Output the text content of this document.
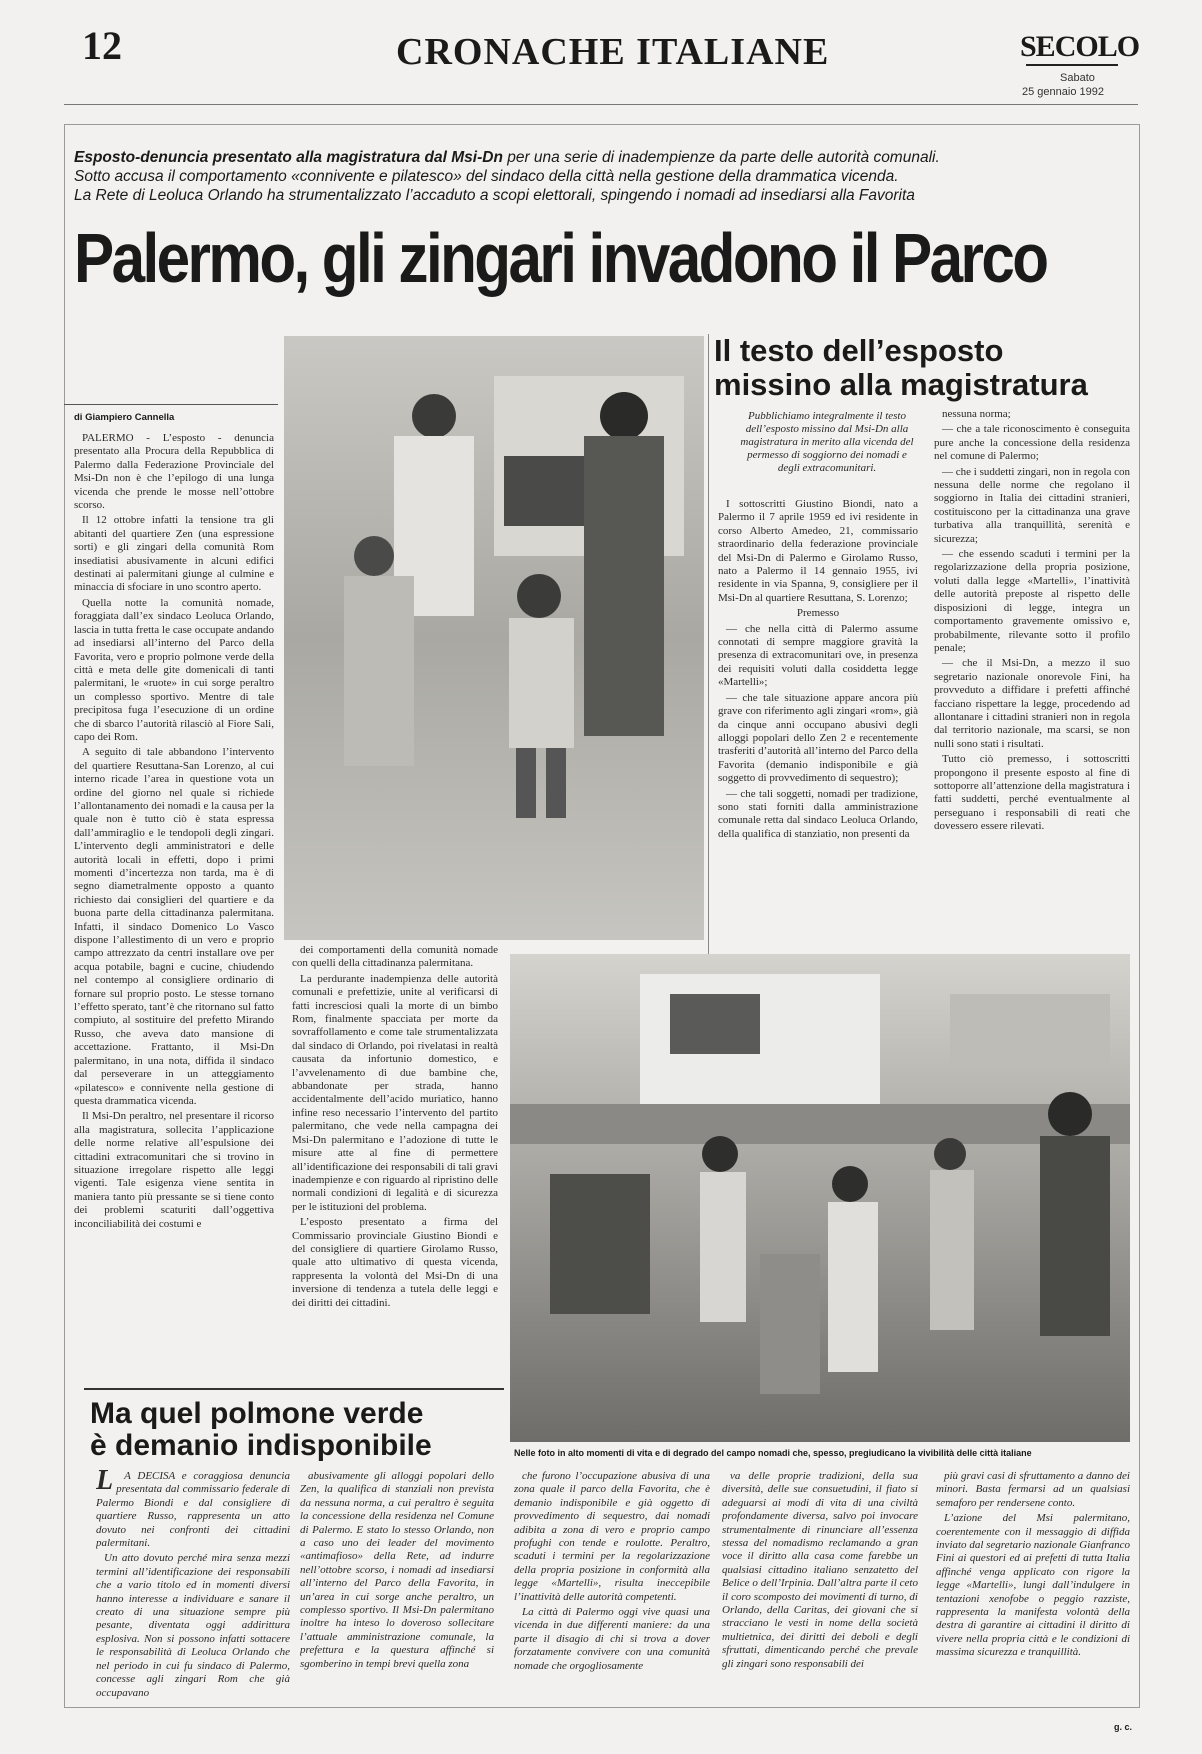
12	CRONACHE ITALIANE	SECOLO
Sabato
25 gennaio 1992
Esposto-denuncia presentato alla magistratura dal Msi-Dn per una serie di inadempienze da parte delle autorità comunali.
Sotto accusa il comportamento «connivente e pilatesco» del sindaco della città nella gestione della drammatica vicenda.
La Rete di Leoluca Orlando ha strumentalizzato l’accaduto a scopi elettorali, spingendo i nomadi ad insediarsi alla Favorita
Palermo, gli zingari invadono il Parco
di Giampiero Cannella

PALERMO - L’esposto - denuncia presentato alla Procura della Repubblica di Palermo dalla Federazione Provinciale del Msi-Dn non è che l’epilogo di una lunga vicenda che prende le mosse nell’ottobre scorso.

Il 12 ottobre infatti la tensione tra gli abitanti del quartiere Zen (una espressione sorti) e gli zingari della comunità Rom insediatisi abusivamente in alcuni edifici destinati ai palermitani giunge al culmine e minaccia di sfociare in uno scontro aperto.

Quella notte la comunità nomade, foraggiata dall’ex sindaco Leoluca Orlando, lascia in tutta fretta le case occupate andando ad insediarsi all’interno del Parco della Favorita, vero e proprio polmone verde della città e meta delle gite domenicali di tanti palermitani, le «ruote» in cui sorge peraltro un complesso sportivo. Mentre di tale precipitosa fuga l’esecuzione di un ordine che di sbarco l’autorità rilasciò al Fiore Sali, capo dei Rom.

A seguito di tale abbandono l’intervento del quartiere Resuttana-San Lorenzo, al cui interno ricade l’area in questione vota un ordine del giorno nel quale si richiede l’allontanamento dei nomadi e la causa per la quale non è tutto ciò è stata espressa dall’ammiraglio e le tendopoli degli zingari. L’intervento degli amministratori e delle autorità locali in effetti, dopo i primi momenti d’incertezza non tarda, ma è di segno diametralmente opposto a quanto richiesto dai consiglieri del quartiere e da buona parte della cittadinanza palermitana. Infatti, il sindaco Domenico Lo Vasco dispone l’allestimento di un vero e proprio campo attrezzato da centri installare ove per acqua potabile, bagni e cucine, chiudendo nel contempo al consigliere ordinario di fornare sul proprio posto. Le stesse tornano l’effetto sperato, tant’è che ritornano sul fatto compiuto, al sostituire del prefetto Mirando Russo, che aveva dato mansione di accettazione. Frattanto, il Msi-Dn palermitano, in una nota, diffida il sindaco dal perseverare in un atteggiamento «pilatesco» e connivente nella gestione di questa drammatica vicenda.

Il Msi-Dn peraltro, nel presentare il ricorso alla magistratura, sollecita l’applicazione delle norme relative all’espulsione dei cittadini extracomunitari che si trovino in situazione irregolare rispetto alle leggi vigenti. Tale esigenza viene sentita in maniera tanto più pressante se si tiene conto dei problemi scaturiti dall’oggettiva inconciliabilità dei costumi e

Il testo dell’esposto
missino alla magistratura
Pubblichiamo integralmente il testo dell’esposto missino dal Msi-Dn alla magistratura in merito alla vicenda del permesso di soggiorno dei nomadi e degli extracomunitari.

I sottoscritti Giustino Biondi, nato a Palermo il 7 aprile 1959 ed ivi residente in corso Alberto Amedeo, 21, commissario straordinario della federazione provinciale del Msi-Dn di Palermo e Girolamo Russo, nato a Palermo il 14 gennaio 1955, ivi residente in via Spanna, 9, consigliere per il Msi-Dn al quartiere Resuttana, S. Lorenzo;

Premesso

— che nella città di Palermo assume connotati di sempre maggiore gravità la presenza di extracomunitari ove, in presenza dei requisiti voluti dalla cosiddetta legge «Martelli»;

— che tale situazione appare ancora più grave con riferimento agli zingari «rom», già da cinque anni occupano abusivi degli alloggi popolari dello Zen 2 e recentemente trasferiti d’autorità all’interno del Parco della Favorita (demanio indisponibile e già soggetto di provvedimento di sequestro);

— che tali soggetti, nomadi per tradizione, sono stati forniti dalla amministrazione comunale retta dal sindaco Leoluca Orlando, della qualifica di stanziatìo, non presenti da

nessuna norma;

— che a tale riconoscimento è conseguita pure anche la concessione della residenza nel comune di Palermo;

— che i suddetti zingari, non in regola con nessuna delle norme che regolano il soggiorno in Italia dei cittadini stranieri, costituiscono per la cittadinanza una grave turbativa alla tranquillità, serenità e sicurezza;

— che essendo scaduti i termini per la regolarizzazione della propria posizione, voluti dalla legge «Martelli», l’inattività delle autorità preposte al rispetto delle disposizioni di legge, integra un comportamento gravemente omissivo e, probabilmente, rilevante sotto il profilo penale;

— che il Msi-Dn, a mezzo il suo segretario nazionale onorevole Fini, ha provveduto a diffidare i prefetti affinché facciano rispettare la legge, procedendo ad allontanare i cittadini stranieri non in regola dal territorio nazionale, ma scarsi, se non nulli sono stati i risultati.

Tutto ciò premesso, i sottoscritti propongono il presente esposto al fine di sottoporre all’attenzione della magistratura i fatti suddetti, perché eventualmente al perseguano i responsabili di reati che dovessero essere rilevati.

dei comportamenti della comunità nomade con quelli della cittadinanza palermitana.

La perdurante inadempienza delle autorità comunali e prefettizie, unite al verificarsi di fatti incresciosi quali la morte di un bimbo Rom, finalmente spacciata per morte da sovraffollamento e come tale strumentalizzata dal sindaco di Orlando, poi rivelatasi in realtà causata da infortunio domestico, e l’avvelenamento di due bambine che, abbandonate per strada, hanno accidentalmente dell’acido muriatico, hanno infine reso necessario l’intervento del partito palermitano, che vede nella campagna dei Msi-Dn palermitano e l’adozione di tutte le misure atte al fine di permettere all’identificazione dei responsabili di tali gravi inadempienze e con riguardo al ripristino delle normali condizioni di legalità e di sicurezza per le istituzioni del problema.

L’esposto presentato a firma del Commissario provinciale Giustino Biondi e del consigliere di quartiere Girolamo Russo, quale atto ultimativo di questa vicenda, rappresenta la volontà del Msi-Dn di una inversione di tendenza a tutela delle leggi e dei diritti dei cittadini.

Nelle foto in alto momenti di vita e di degrado del campo nomadi che, spesso, pregiudicano la vivibilità delle città italiane
Ma quel polmone verde
è demanio indisponibile
L	A DECISA e coraggiosa denuncia presentata dal commissario federale di Palermo Biondi e dal consigliere di quartiere Russo, rappresenta un atto dovuto nei confronti dei cittadini palermitani.

Un atto dovuto perché mira senza mezzi termini all’identificazione dei responsabili che a vario titolo ed in momenti diversi hanno interesse a individuare e sanare il creato di una situazione sempre più pesante, diventata oggi addirittura esplosiva. Non si possono infatti sottacere le responsabilità di Leoluca Orlando che nel periodo in cui fu sindaco di Palermo, concesse agli zingari Rom che già occupavano

abusivamente gli alloggi popolari dello Zen, la qualifica di stanziali non prevista da nessuna norma, a cui peraltro è seguita la concessione della residenza nel Comune di Palermo. E stato lo stesso Orlando, non a caso uno dei leader del movimento «antimafioso» della Rete, ad indurre nell’ottobre scorso, i nomadi ad insediarsi all’interno del Parco della Favorita, in un’area in cui sorge anche peraltro, un complesso sportivo. Il Msi-Dn palermitano inoltre ha inteso lo doveroso sollecitare l’attuale amministrazione comunale, la prefettura e la questura affinché si sgomberino in tempi brevi quella zona

che furono l’occupazione abusiva di una zona quale il parco della Favorita, che è demanio indisponibile e già oggetto di provvedimento di sequestro, dai nomadi adibita a zona di vero e proprio campo profughi con tende e roulotte. Peraltro, scaduti i termini per la regolarizzazione della propria posizione in conformità alla legge «Martelli», risulta ineccepibile l’inattività delle autorità competenti.

La città di Palermo oggi vive quasi una vicenda in due differenti maniere: da una parte il disagio di chi si trova a dover forzatamente convivere con una comunità nomade che orgogliosamente

va delle proprie tradizioni, della sua diversità, delle sue consuetudini, il fiato si adeguarsi ai modi di vita di una civiltà profondamente diversa, salvo poi invocare strumentalmente di rinunciare all’essenza stessa del nomadismo reclamando a gran voce il diritto alla casa come farebbe un qualsiasi cittadino italiano senzatetto del Belice o dell’Irpinia. Dall’altra parte il ceto il coro scomposto dei movimenti di turno, di Orlando, della Caritas, dei giovani che si stracciano le vesti in nome della società multietnica, dei diritti dei deboli e degli sfruttati, dimenticando perché che prevale gli zingari sono responsabili dei

più gravi casi di sfruttamento a danno dei minori. Basta fermarsi ad un qualsiasi semaforo per rendersene conto.

L’azione del Msi palermitano, coerentemente con il messaggio di diffida inviato dal segretario nazionale Gianfranco Fini ai questori ed ai prefetti di tutta Italia affinché venga applicato con rigore la legge «Martelli», lungi dall’indulgere in tentazioni xenofobe o peggio razziste, rappresenta la manifesta volontà della destra di garantire ai cittadini il diritto di vivere nella propria città e le condizioni di massima sicurezza e tranquillità.

g. c.
